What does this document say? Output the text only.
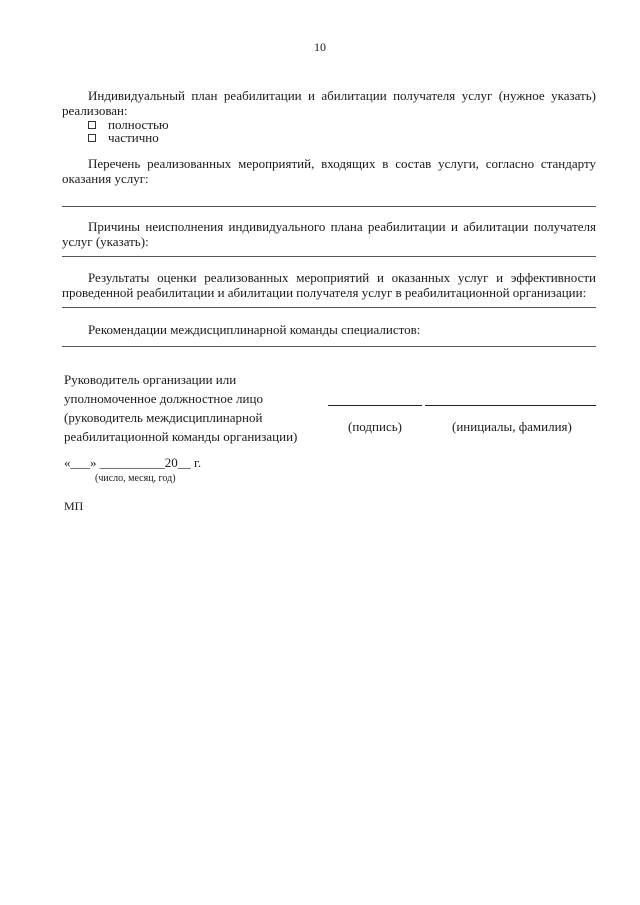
10
Индивидуальный план реабилитации и абилитации получателя услуг (нужное указать) реализован:
полностью
частично
Перечень реализованных мероприятий, входящих в состав услуги, согласно стандарту оказания услуг:
Причины неисполнения индивидуального плана реабилитации и абилитации получателя услуг (указать):
Результаты оценки реализованных мероприятий и оказанных услуг и эффективности проведенной реабилитации и абилитации получателя услуг в реабилитационной организации:
Рекомендации междисциплинарной команды специалистов:
Руководитель организации или
уполномоченное должностное лицо
(руководитель междисциплинарной
реабилитационной команды организации)
(подпись)	(инициалы, фамилия)
«___» __________20__ г.
(число, месяц, год)
МП
